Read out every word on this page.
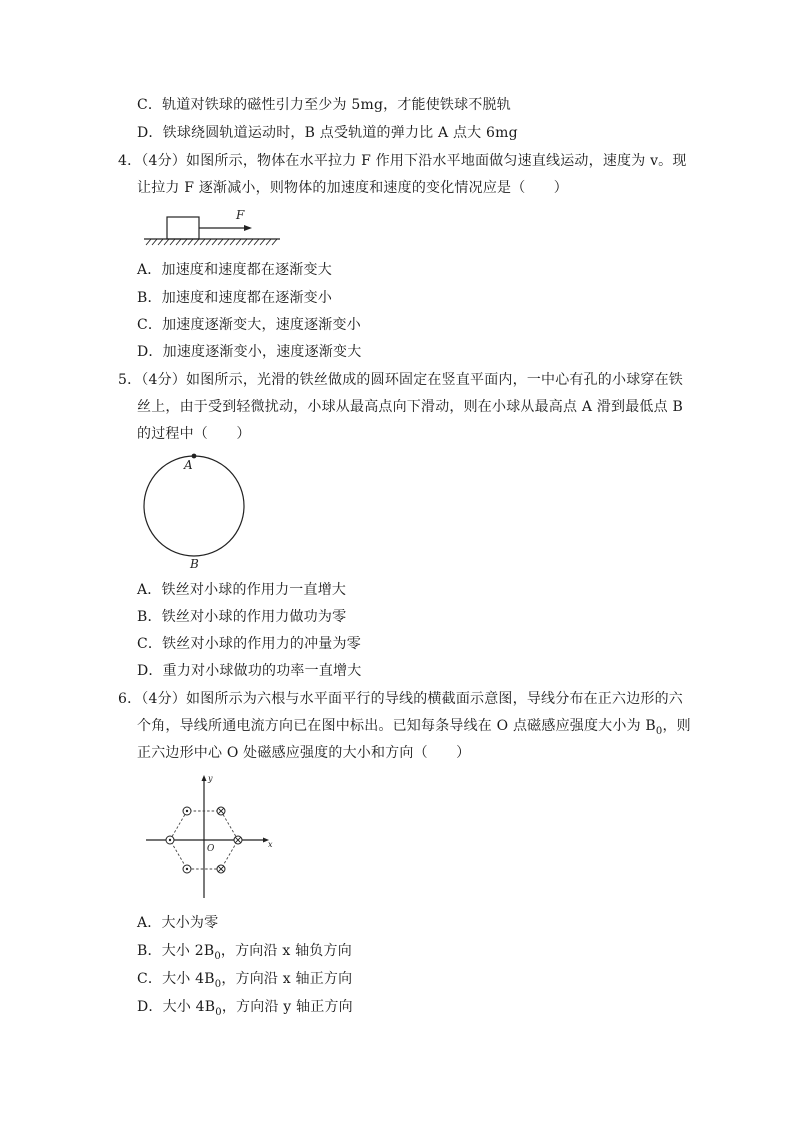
C．轨道对铁球的磁性引力至少为 5mg，才能使铁球不脱轨
D．铁球绕圆轨道运动时，B 点受轨道的弹力比 A 点大 6mg
4．（4分）如图所示，物体在水平拉力 F 作用下沿水平地面做匀速直线运动，速度为 v。现
让拉力 F 逐渐减小，则物体的加速度和速度的变化情况应是（　　）
F
A．加速度和速度都在逐渐变大
B．加速度和速度都在逐渐变小
C．加速度逐渐变大，速度逐渐变小
D．加速度逐渐变小，速度逐渐变大
5．（4分）如图所示，光滑的铁丝做成的圆环固定在竖直平面内，一中心有孔的小球穿在铁
丝上，由于受到轻微扰动，小球从最高点向下滑动，则在小球从最高点 A 滑到最低点 B
的过程中（　　）
A
B
A．铁丝对小球的作用力一直增大
B．铁丝对小球的作用力做功为零
C．铁丝对小球的作用力的冲量为零
D．重力对小球做功的功率一直增大
6．（4分）如图所示为六根与水平面平行的导线的横截面示意图，导线分布在正六边形的六
个角，导线所通电流方向已在图中标出。已知每条导线在 O 点磁感应强度大小为 $B_0$，则
正六边形中心 O 处磁感应强度的大小和方向（　　）
x
y
O
A．大小为零
B．大小 $2B_0$，方向沿 x 轴负方向
C．大小 $4B_0$，方向沿 x 轴正方向
D．大小 $4B_0$，方向沿 y 轴正方向
